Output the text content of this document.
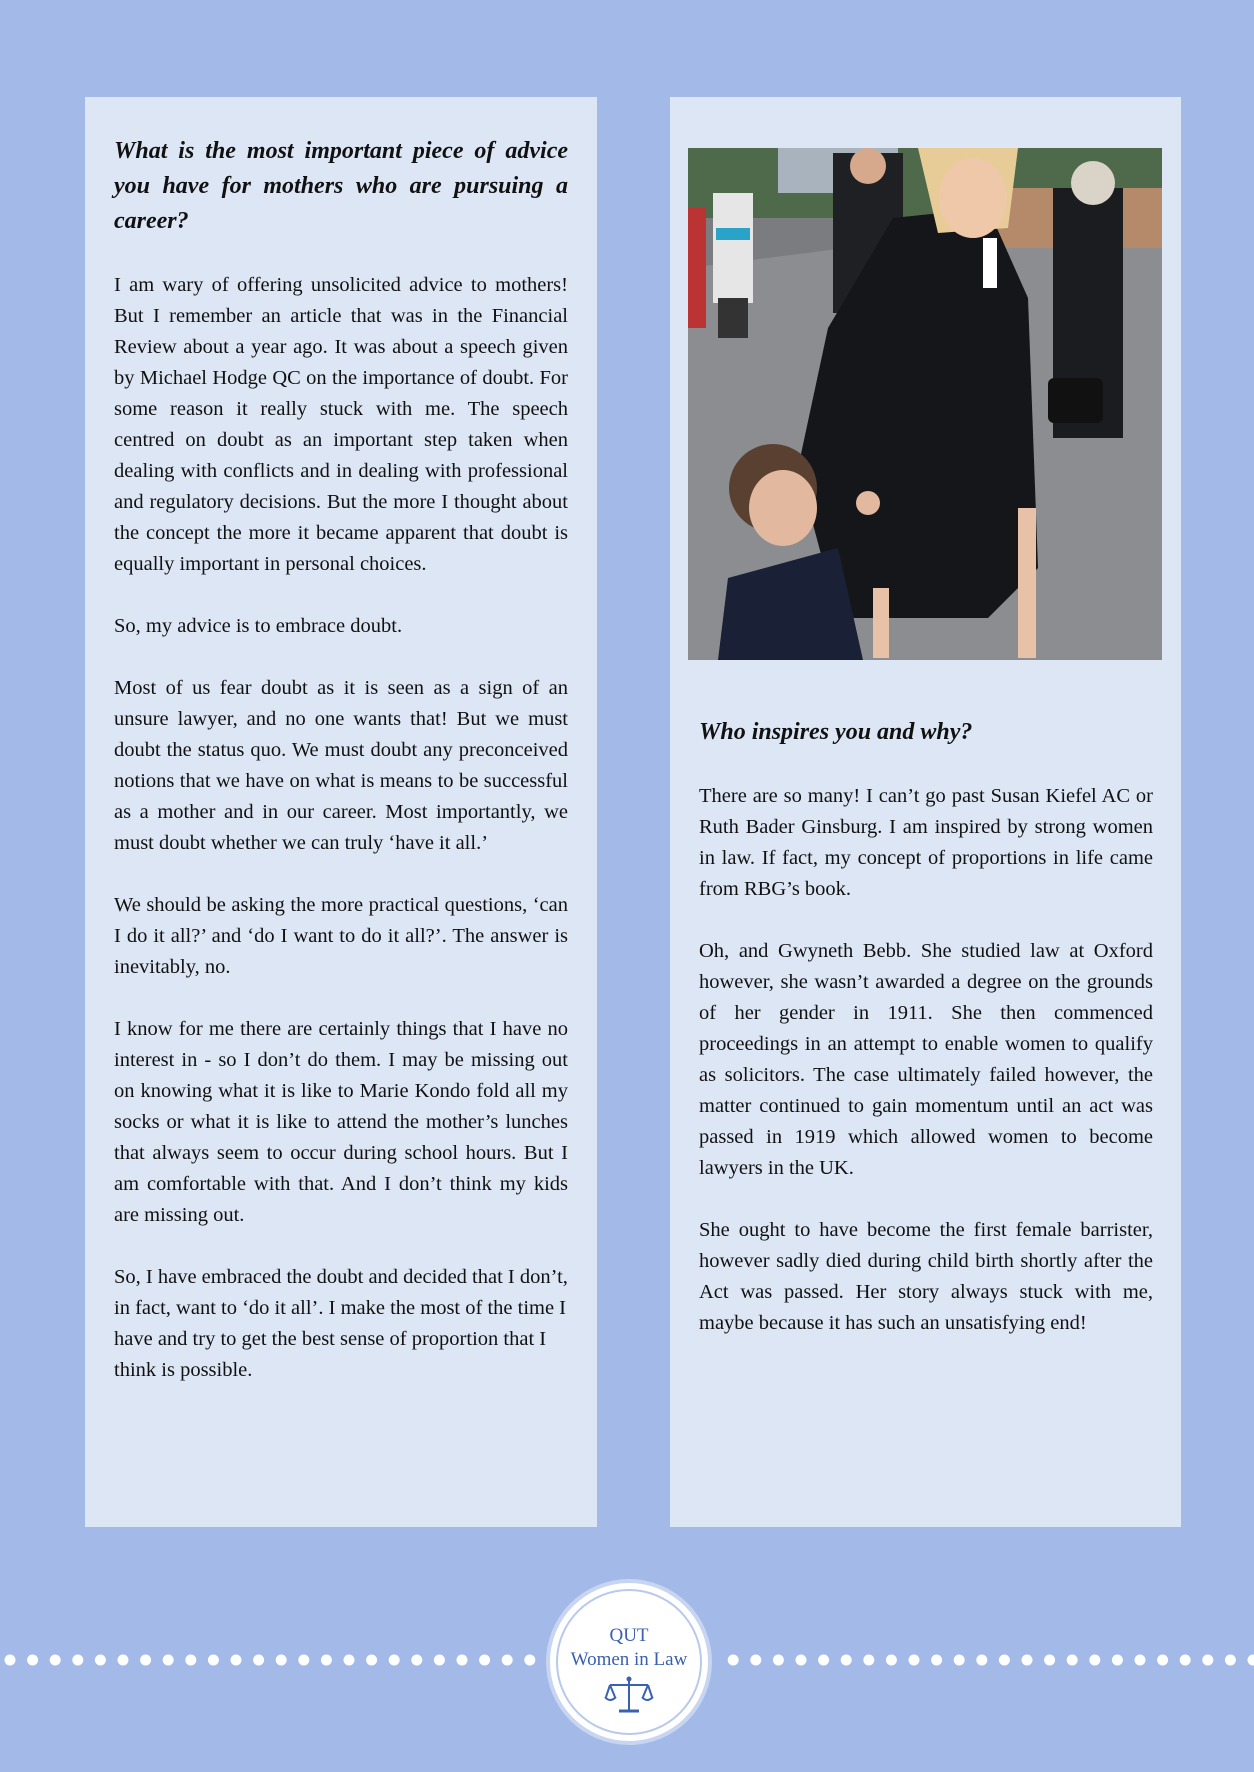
What is the most important piece of advice you have for mothers who are pursuing a career?

I am wary of offering unsolicited advice to mothers! But I remember an article that was in the Financial Review about a year ago. It was about a speech given by Michael Hodge QC on the importance of doubt. For some reason it really stuck with me. The speech centred on doubt as an important step taken when dealing with conflicts and in dealing with professional and regulatory decisions. But the more I thought about the concept the more it became apparent that doubt is equally important in personal choices.

So, my advice is to embrace doubt.

Most of us fear doubt as it is seen as a sign of an unsure lawyer, and no one wants that! But we must doubt the status quo. We must doubt any preconceived notions that we have on what is means to be successful as a mother and in our career. Most importantly, we must doubt whether we can truly ‘have it all.’

We should be asking the more practical questions, ‘can I do it all?’ and ‘do I want to do it all?’. The answer is inevitably, no.

I know for me there are certainly things that I have no interest in - so I don’t do them. I may be missing out on knowing what it is like to Marie Kondo fold all my socks or what it is like to attend the mother’s lunches that always seem to occur during school hours. But I am comfortable with that. And I don’t think my kids are missing out.

So, I have embraced the doubt and decided that I don’t, in fact, want to ‘do it all’. I make the most of the time I have and try to get the best sense of proportion that I think is possible.

Who inspires you and why?

There are so many! I can’t go past Susan Kiefel AC or Ruth Bader Ginsburg. I am inspired by strong women in law. If fact, my concept of proportions in life came from RBG’s book.

Oh, and Gwyneth Bebb. She studied law at Oxford however, she wasn’t awarded a degree on the grounds of her gender in 1911. She then commenced proceedings in an attempt to enable women to qualify as solicitors. The case ultimately failed however, the matter continued to gain momentum until an act was passed in 1919 which allowed women to become lawyers in the UK.

She ought to have become the first female barrister, however sadly died during child birth shortly after the Act was passed. Her story always stuck with me, maybe because it has such an unsatisfying end!

QUT
Women in Law
